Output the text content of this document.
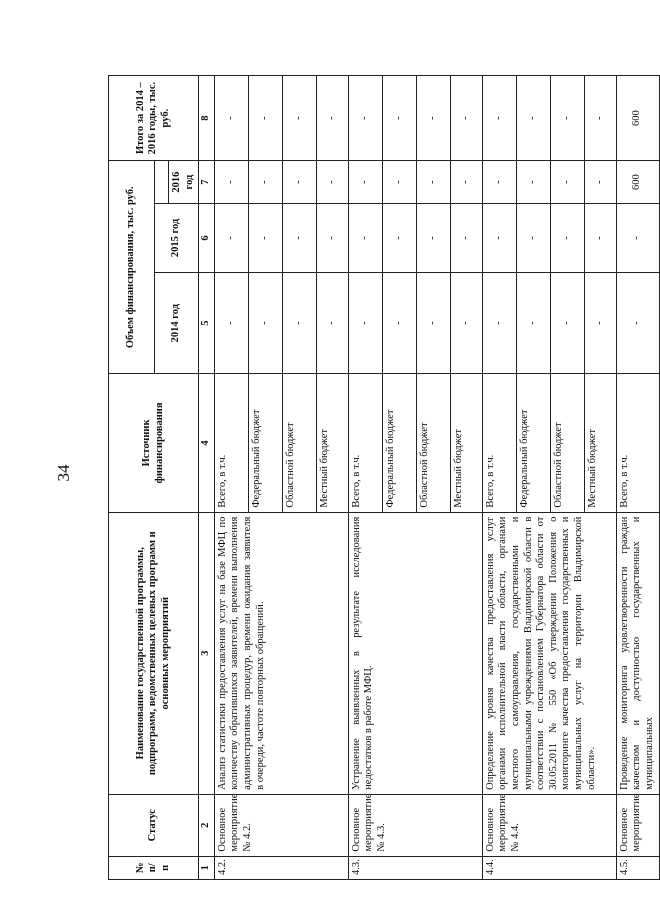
34
№ п/п	Статус	Наименование государственной программы, подпрограмм, ведомственных целевых программ и основных мероприятий	Источник финансирования	Объем финансирования, тыс. руб.			Итого за 2014 – 2016 годы, тыс. руб.
				2014 год	2015 год		
						2016 год	
1	2	3	4	5	6	7	8
4.2.	Основное мероприятие № 4.2.	Анализ статистики предоставления услуг на базе МФЦ по количеству обратившихся заявителей, времени выполнения административных процедур, времени ожидания заявителя в очереди, частоте повторных обращений.	Всего, в т.ч.	-	-	-	-
			Федеральный бюджет	-	-	-	-
			Областной бюджет	-	-	-	-
			Местный бюджет	-	-	-	-
4.3.	Основное мероприятие № 4.3.	Устранение выявленных в результате исследования недостатков в работе МФЦ.	Всего, в т.ч.	-	-	-	-
			Федеральный бюджет	-	-	-	-
			Областной бюджет	-	-	-	-
			Местный бюджет	-	-	-	-
4.4.	Основное мероприятие № 4.4.	Определение уровня качества предоставления услуг органами исполнительной власти области, органами местного самоуправления, государственными и муниципальными учреждениями Владимирской области в соответствии с постановлением Губернатора области от 30.05.2011 № 550 «Об утверждении Положения о мониторинге качества предоставления государственных и муниципальных услуг на территории Владимирской области».	Всего, в т.ч.	-	-	-	-
			Федеральный бюджет	-	-	-	-
			Областной бюджет	-	-	-	-
			Местный бюджет	-	-	-	-
4.5.	Основное мероприятие	Проведение мониторинга удовлетворенности граждан качеством и доступностью государственных и муниципальных	Всего, в т.ч.	-	-	600	600
